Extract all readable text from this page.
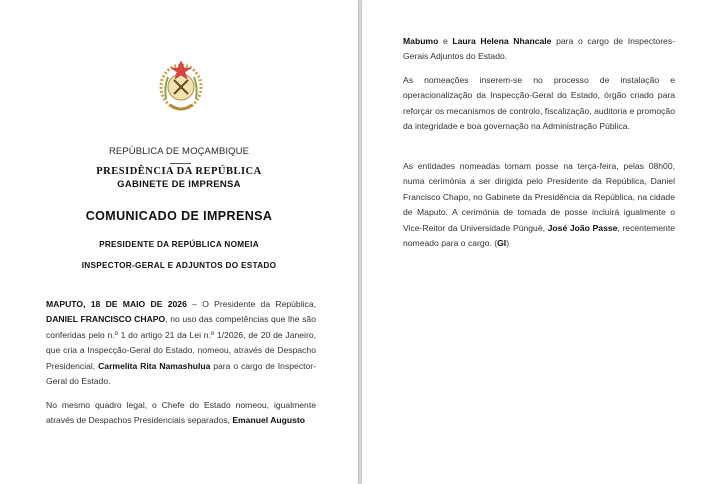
REPÚBLICA DE MOÇAMBIQUE
PRESIDÊNCIA DA REPÚBLICA
GABINETE DE IMPRENSA
COMUNICADO DE IMPRENSA
PRESIDENTE DA REPÚBLICA NOMEIA
INSPECTOR-GERAL E ADJUNTOS DO ESTADO

MAPUTO, 18 DE MAIO DE 2026 – O Presidente da República, DANIEL FRANCISCO CHAPO, no uso das competências que lhe são conferidas pelo n.º 1 do artigo 21 da Lei n.º 1/2026, de 20 de Janeiro, que cria a Inspecção-Geral do Estado, nomeou, através de Despacho Presidencial, Carmelita Rita Namashulua para o cargo de Inspector-Geral do Estado.

No mesmo quadro legal, o Chefe do Estado nomeou, igualmente através de Despachos Presidenciais separados, Emanuel Augusto

Mabumo e Laura Helena Nhancale para o cargo de Inspectores-Gerais Adjuntos do Estado.

As nomeações inserem-se no processo de instalação e operacionalização da Inspecção-Geral do Estado, órgão criado para reforçar os mecanismos de controlo, fiscalização, auditoria e promoção da integridade e boa governação na Administração Pública.

As entidades nomeadas tomam posse na terça-feira, pelas 08h00, numa cerimónia a ser dirigida pelo Presidente da República, Daniel Francisco Chapo, no Gabinete da Presidência da República, na cidade de Maputo. A cerimónia de tomada de posse incluirá igualmente o Vice-Reitor da Universidade Púnguè, José João Passe, recentemente nomeado para o cargo. (GI)
